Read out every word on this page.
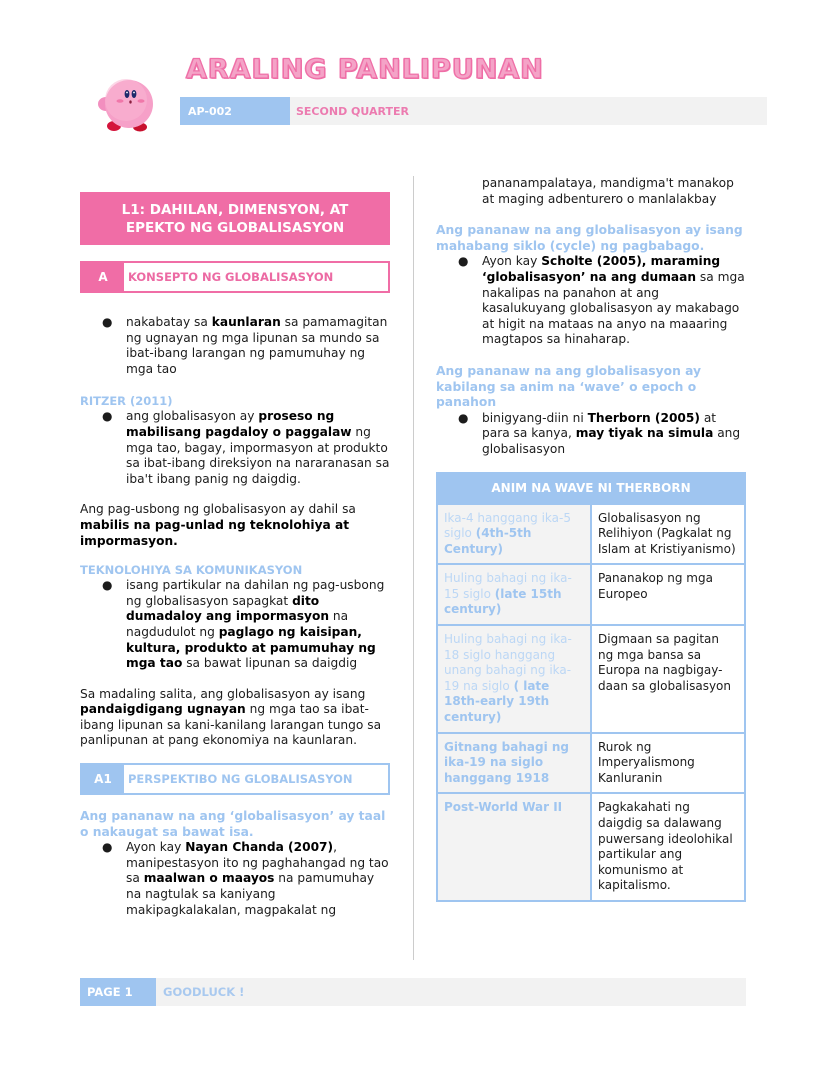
ARALING PANLIPUNAN
AP-002	SECOND QUARTER
L1: DAHILAN, DIMENSYON, AT EPEKTO NG GLOBALISASYON
A	KONSEPTO NG GLOBALISASYON
●	nakabatay sa kaunlaran sa pamamagitan ng ugnayan ng mga lipunan sa mundo sa ibat-ibang larangan ng pamumuhay ng mga tao
RITZER (2011)
●	ang globalisasyon ay proseso ng mabilisang pagdaloy o paggalaw ng mga tao, bagay, impormasyon at produkto sa ibat-ibang direksiyon na nararanasan sa iba't ibang panig ng daigdig.
Ang pag-usbong ng globalisasyon ay dahil sa mabilis na pag-unlad ng teknolohiya at impormasyon.
TEKNOLOHIYA SA KOMUNIKASYON
●	isang partikular na dahilan ng pag-usbong ng globalisasyon sapagkat dito dumadaloy ang impormasyon na nagdudulot ng paglago ng kaisipan, kultura, produkto at pamumuhay ng mga tao sa bawat lipunan sa daigdig
Sa madaling salita, ang globalisasyon ay isang pandaigdigang ugnayan ng mga tao sa ibat-ibang lipunan sa kani-kanilang larangan tungo sa panlipunan at pang ekonomiya na kaunlaran.
A1	PERSPEKTIBO NG GLOBALISASYON
Ang pananaw na ang ‘globalisasyon’ ay taal o nakaugat sa bawat isa.
●	Ayon kay Nayan Chanda (2007), manipestasyon ito ng paghahangad ng tao sa maalwan o maayos na pamumuhay na nagtulak sa kaniyang makipagkalakalan, magpakalat ng
pananampalataya, mandigma't manakop at maging adbenturero o manlalakbay
Ang pananaw na ang globalisasyon ay isang mahabang siklo (cycle) ng pagbabago.
●	Ayon kay Scholte (2005), maraming ‘globalisasyon’ na ang dumaan sa mga nakalipas na panahon at ang kasalukuyang globalisasyon ay makabago at higit na mataas na anyo na maaaring magtapos sa hinaharap.
Ang pananaw na ang globalisasyon ay kabilang sa anim na ‘wave’ o epoch o panahon
●	binigyang-diin ni Therborn (2005) at para sa kanya, may tiyak na simula ang globalisasyon
ANIM NA WAVE NI THERBORN	
Ika-4 hanggang ika-5 siglo (4th-5th Century)	Globalisasyon ng Relihiyon (Pagkalat ng Islam at Kristiyanismo)
Huling bahagi ng ika-15 siglo (late 15th century)	Pananakop ng mga Europeo
Huling bahagi ng ika-18 siglo hanggang unang bahagi ng ika-19 na siglo ( late 18th-early 19th century)	Digmaan sa pagitan ng mga bansa sa Europa na nagbigay-daan sa globalisasyon
Gitnang bahagi ng ika-19 na siglo hanggang 1918	Rurok ng Imperyalismong Kanluranin
Post-World War II	Pagkakahati ng daigdig sa dalawang puwersang ideolohikal partikular ang komunismo at kapitalismo.
PAGE 1	GOODLUCK !
